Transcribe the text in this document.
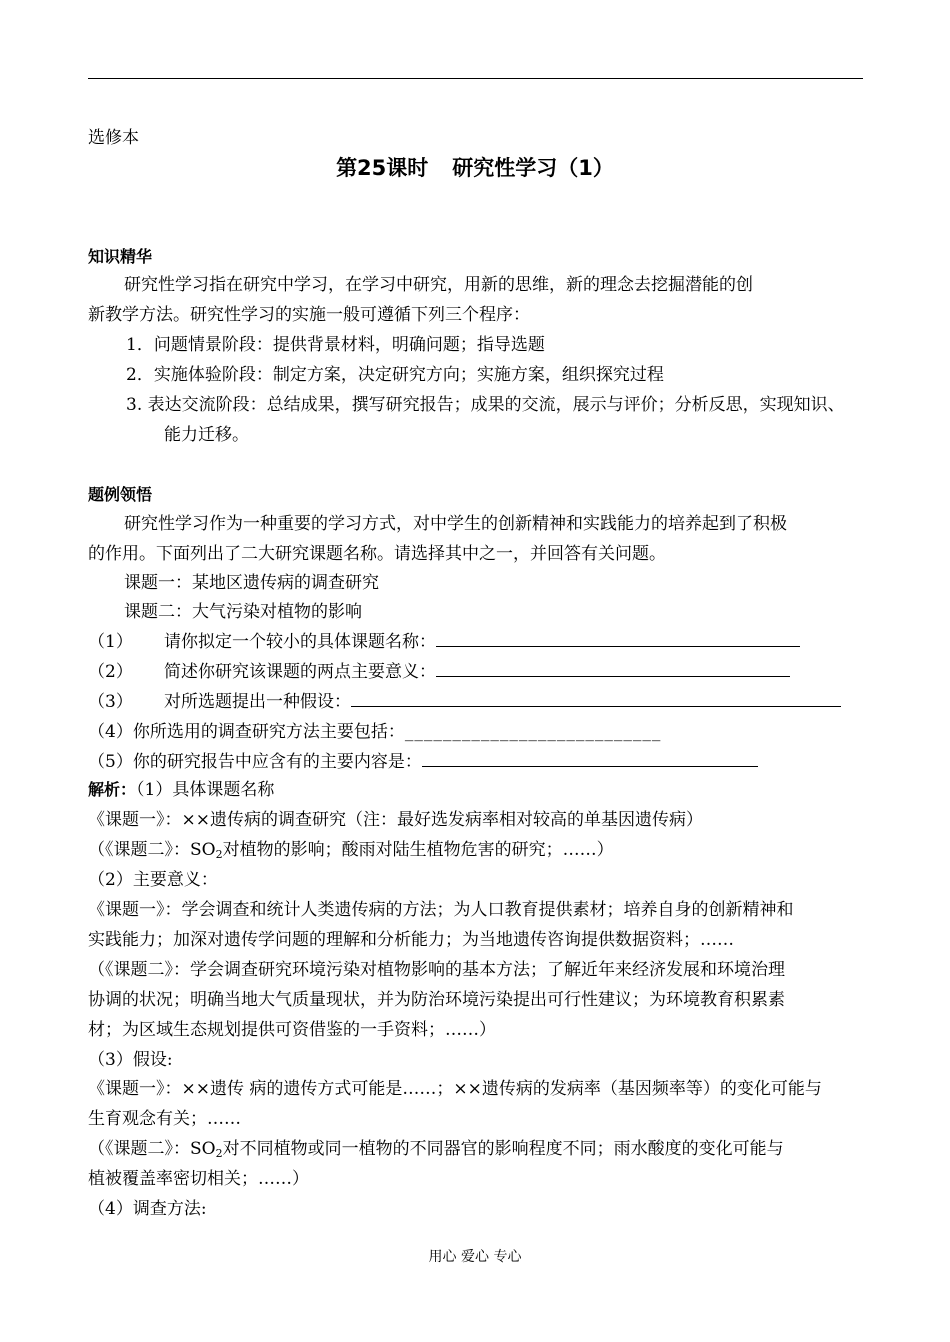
选修本
第25课时 研究性学习（1）
知识精华
研究性学习指在研究中学习，在学习中研究，用新的思维，新的理念去挖掘潜能的创
新教学方法。研究性学习的实施一般可遵循下列三个程序：
1．问题情景阶段：提供背景材料，明确问题；指导选题
2．实施体验阶段：制定方案，决定研究方向；实施方案，组织探究过程
3. 表达交流阶段：总结成果，撰写研究报告；成果的交流，展示与评价；分析反思，实现知识、
能力迁移。
题例领悟
研究性学习作为一种重要的学习方式，对中学生的创新精神和实践能力的培养起到了积极
的作用。下面列出了二大研究课题名称。请选择其中之一，并回答有关问题。
课题一：某地区遗传病的调查研究
课题二：大气污染对植物的影响
（1） 请你拟定一个较小的具体课题名称：
（2） 简述你研究该课题的两点主要意义：
（3） 对所选题提出一种假设：
（4）你所选用的调查研究方法主要包括：___________________________
（5）你的研究报告中应含有的主要内容是：
解析：（1）具体课题名称
《课题一》：××遗传病的调查研究（注：最好选发病率相对较高的单基因遗传病）
（《课题二》：$SO_2$对植物的影响；酸雨对陆生植物危害的研究；……）
（2）主要意义：
《课题一》：学会调查和统计人类遗传病的方法；为人口教育提供素材；培养自身的创新精神和
实践能力；加深对遗传学问题的理解和分析能力；为当地遗传咨询提供数据资料；……
（《课题二》：学会调查研究环境污染对植物影响的基本方法；了解近年来经济发展和环境治理
协调的状况；明确当地大气质量现状，并为防治环境污染提出可行性建议；为环境教育积累素
材；为区域生态规划提供可资借鉴的一手资料；……）
（3）假设:
《课题一》：××遗传 病的遗传方式可能是……；××遗传病的发病率（基因频率等）的变化可能与
生育观念有关；……
（《课题二》：$SO_2$对不同植物或同一植物的不同器官的影响程度不同；雨水酸度的变化可能与
植被覆盖率密切相关；……）
（4）调查方法:
用心 爱心 专心
